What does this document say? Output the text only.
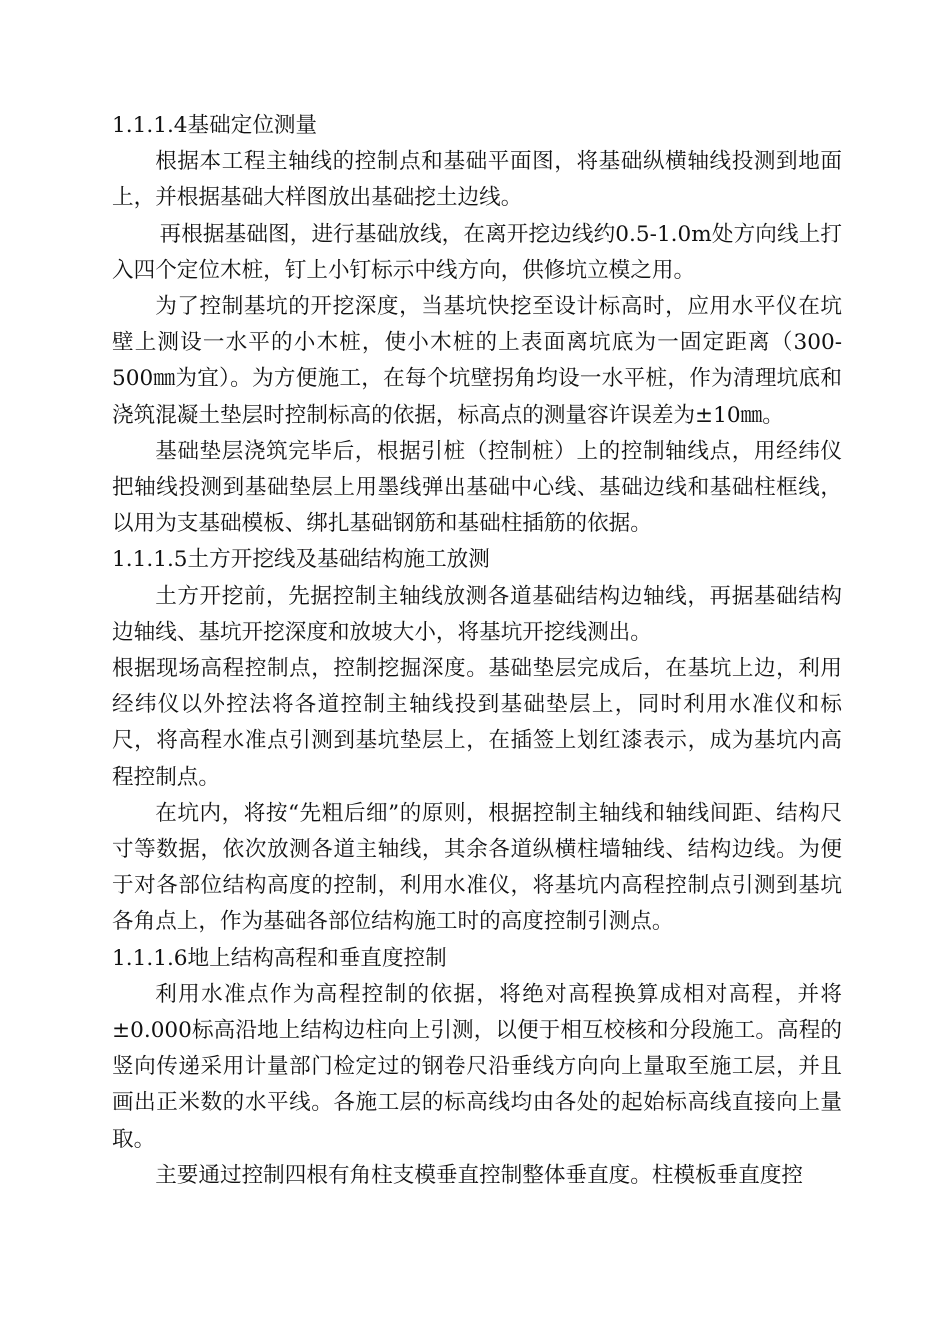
1.1.1.4基础定位测量

根据本工程主轴线的控制点和基础平面图，将基础纵横轴线投测到地面上，并根据基础大样图放出基础挖土边线。

再根据基础图，进行基础放线，在离开挖边线约0.5-1.0m处方向线上打入四个定位木桩，钉上小钉标示中线方向，供修坑立模之用。

为了控制基坑的开挖深度，当基坑快挖至设计标高时，应用水平仪在坑壁上测设一水平的小木桩，使小木桩的上表面离坑底为一固定距离（300-500㎜为宜）。为方便施工，在每个坑壁拐角均设一水平桩，作为清理坑底和浇筑混凝土垫层时控制标高的依据，标高点的测量容许误差为±10㎜。

基础垫层浇筑完毕后，根据引桩（控制桩）上的控制轴线点，用经纬仪把轴线投测到基础垫层上用墨线弹出基础中心线、基础边线和基础柱框线，以用为支基础模板、绑扎基础钢筋和基础柱插筋的依据。

1.1.1.5土方开挖线及基础结构施工放测

土方开挖前，先据控制主轴线放测各道基础结构边轴线，再据基础结构边轴线、基坑开挖深度和放坡大小，将基坑开挖线测出。

根据现场高程控制点，控制挖掘深度。基础垫层完成后，在基坑上边，利用经纬仪以外控法将各道控制主轴线投到基础垫层上，同时利用水准仪和标尺，将高程水准点引测到基坑垫层上，在插签上划红漆表示，成为基坑内高程控制点。

在坑内，将按“先粗后细”的原则，根据控制主轴线和轴线间距、结构尺寸等数据，依次放测各道主轴线，其余各道纵横柱墙轴线、结构边线。为便于对各部位结构高度的控制，利用水准仪，将基坑内高程控制点引测到基坑各角点上，作为基础各部位结构施工时的高度控制引测点。

1.1.1.6地上结构高程和垂直度控制

利用水准点作为高程控制的依据，将绝对高程换算成相对高程，并将±0.000标高沿地上结构边柱向上引测，以便于相互校核和分段施工。高程的竖向传递采用计量部门检定过的钢卷尺沿垂线方向向上量取至施工层，并且画出正米数的水平线。各施工层的标高线均由各处的起始标高线直接向上量取。

主要通过控制四根有角柱支模垂直控制整体垂直度。柱模板垂直度控
